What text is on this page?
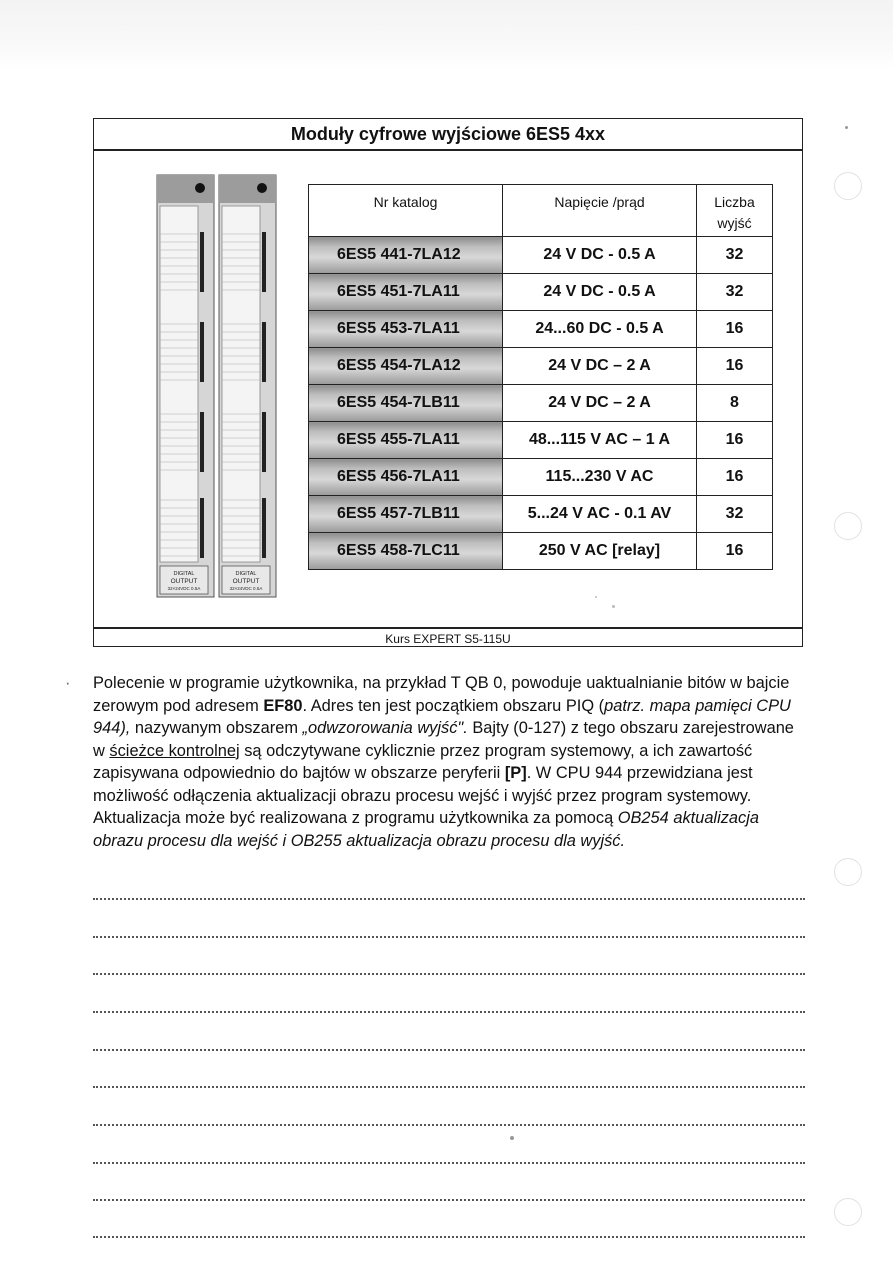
Moduły cyfrowe wyjściowe 6ES5 4xx
DIGITAL
OUTPUT
32×24VDC 0.5A
DIGITAL
OUTPUT
32×24VDC 0.5A
Nr katalog	Napięcie /prąd	Liczba
wyjść
6ES5 441-7LA12	24 V DC - 0.5 A	32
6ES5 451-7LA11	24 V DC - 0.5 A	32
6ES5 453-7LA11	24...60 DC - 0.5 A	16
6ES5 454-7LA12	24 V DC – 2 A	16
6ES5 454-7LB11	24 V DC – 2 A	8
6ES5 455-7LA11	48...115 V AC – 1 A	16
6ES5 456-7LA11	115...230 V AC	16
6ES5 457-7LB11	5...24 V AC - 0.1 AV	32
6ES5 458-7LC11	250 V AC [relay]	16
Kurs EXPERT S5-115U
· Polecenie w programie użytkownika, na przykład T QB 0, powoduje uaktualnianie bitów w bajcie zerowym pod adresem EF80. Adres ten jest początkiem obszaru PIQ (patrz. mapa pamięci CPU 944), nazywanym obszarem „odwzorowania wyjść". Bajty (0-127) z tego obszaru zarejestrowane w ścieżce kontrolnej są odczytywane cyklicznie przez program systemowy, a ich zawartość zapisywana odpowiednio do bajtów w obszarze peryferii [P]. W CPU 944 przewidziana jest możliwość odłączenia aktualizacji obrazu procesu wejść i wyjść przez program systemowy. Aktualizacja może być realizowana z programu użytkownika za pomocą OB254 aktualizacja obrazu procesu dla wejść i OB255 aktualizacja obrazu procesu dla wyjść.
